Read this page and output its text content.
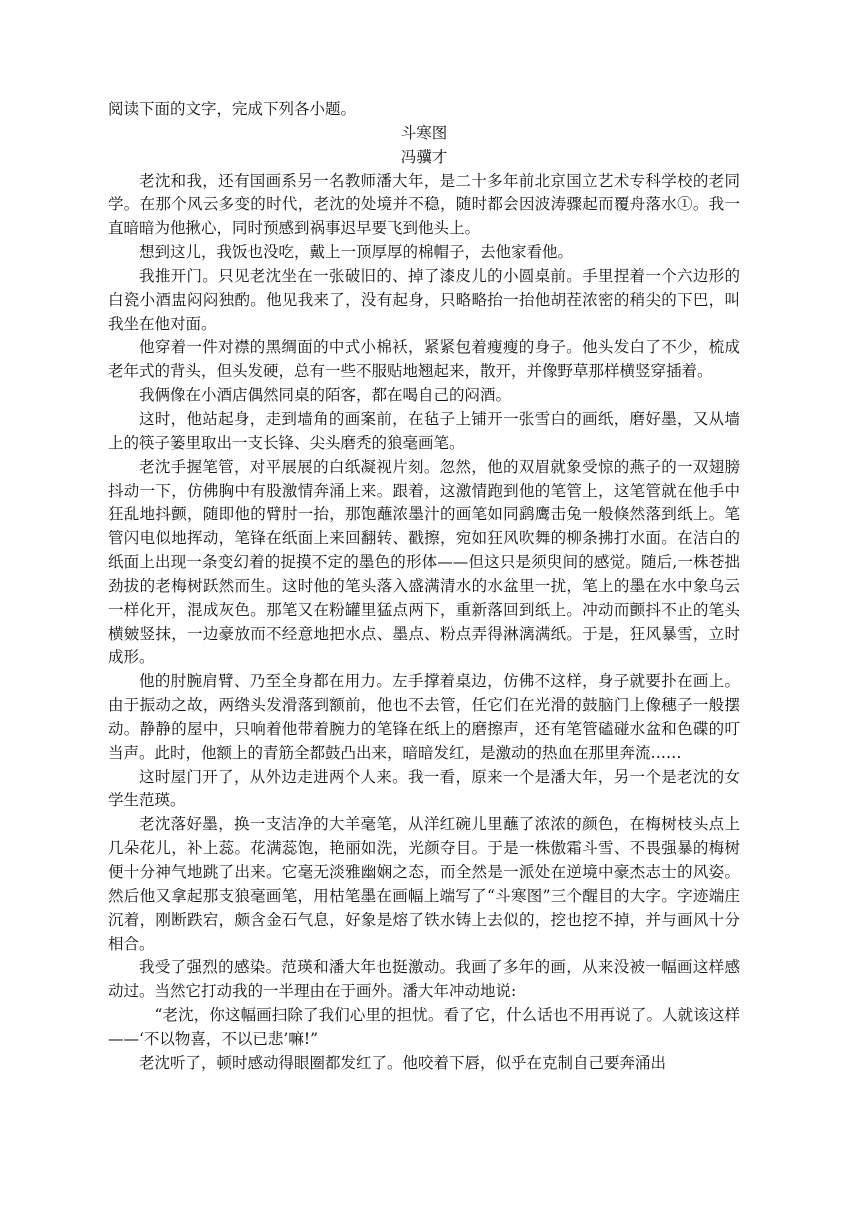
阅读下面的文字，完成下列各小题。

斗寒图

冯骥才

老沈和我，还有国画系另一名教师潘大年，是二十多年前北京国立艺术专科学校的老同学。在那个风云多变的时代，老沈的处境并不稳，随时都会因波涛骤起而覆舟落水①。我一直暗暗为他揪心，同时预感到祸事迟早要飞到他头上。

想到这儿，我饭也没吃，戴上一顶厚厚的棉帽子，去他家看他。

我推开门。只见老沈坐在一张破旧的、掉了漆皮儿的小圆桌前。手里捏着一个六边形的白瓷小酒盅闷闷独酌。他见我来了，没有起身，只略略抬一抬他胡茬浓密的稍尖的下巴，叫我坐在他对面。

他穿着一件对襟的黑绸面的中式小棉袄，紧紧包着瘦瘦的身子。他头发白了不少，梳成老年式的背头，但头发硬，总有一些不服贴地翘起来，散开，并像野草那样横竖穿插着。

我俩像在小酒店偶然同桌的陌客，都在喝自己的闷酒。

这时，他站起身，走到墙角的画案前，在毡子上铺开一张雪白的画纸，磨好墨，又从墙上的筷子篓里取出一支长锋、尖头磨秃的狼毫画笔。

老沈手握笔管，对平展展的白纸凝视片刻。忽然，他的双眉就象受惊的燕子的一双翅膀抖动一下，仿佛胸中有股激情奔涌上来。跟着，这激情跑到他的笔管上，这笔管就在他手中狂乱地抖颤，随即他的臂肘一抬，那饱蘸浓墨汁的画笔如同鹞鹰击兔一般倏然落到纸上。笔管闪电似地挥动，笔锋在纸面上来回翻转、戳擦，宛如狂风吹舞的柳条拂打水面。在洁白的纸面上出现一条变幻着的捉摸不定的墨色的形体——但这只是须臾间的感觉。随后,一株苍拙劲拔的老梅树跃然而生。这时他的笔头落入盛满清水的水盆里一扰，笔上的墨在水中象乌云一样化开，混成灰色。那笔又在粉罐里猛点两下，重新落回到纸上。冲动而颤抖不止的笔头横皴竖抹，一边豪放而不经意地把水点、墨点、粉点弄得淋漓满纸。于是，狂风暴雪，立时成形。

他的肘腕肩臂、乃至全身都在用力。左手撑着桌边，仿佛不这样，身子就要扑在画上。由于振动之故，两绺头发滑落到额前，他也不去管，任它们在光滑的鼓脑门上像穗子一般摆动。静静的屋中，只响着他带着腕力的笔锋在纸上的磨擦声，还有笔管磕碰水盆和色碟的叮当声。此时，他额上的青筋全都鼓凸出来，暗暗发红，是激动的热血在那里奔流……

这时屋门开了，从外边走进两个人来。我一看，原来一个是潘大年，另一个是老沈的女学生范瑛。

老沈落好墨，换一支洁净的大羊毫笔，从洋红碗儿里蘸了浓浓的颜色，在梅树枝头点上几朵花儿，补上蕊。花满蕊饱，艳丽如洗，光颜夺目。于是一株傲霜斗雪、不畏强暴的梅树便十分神气地跳了出来。它毫无淡雅幽娴之态，而全然是一派处在逆境中豪杰志士的风姿。然后他又拿起那支狼毫画笔，用枯笔墨在画幅上端写了“斗寒图”三个醒目的大字。字迹端庄沉着，刚断跌宕，颇含金石气息，好象是熔了铁水铸上去似的，挖也挖不掉，并与画风十分相合。

我受了强烈的感染。范瑛和潘大年也挺激动。我画了多年的画，从来没被一幅画这样感动过。当然它打动我的一半理由在于画外。潘大年冲动地说:

“老沈，你这幅画扫除了我们心里的担忧。看了它，什么话也不用再说了。人就该这样——‘不以物喜，不以已悲’嘛!”

老沈听了，顿时感动得眼圈都发红了。他咬着下唇，似乎在克制自己要奔涌出
